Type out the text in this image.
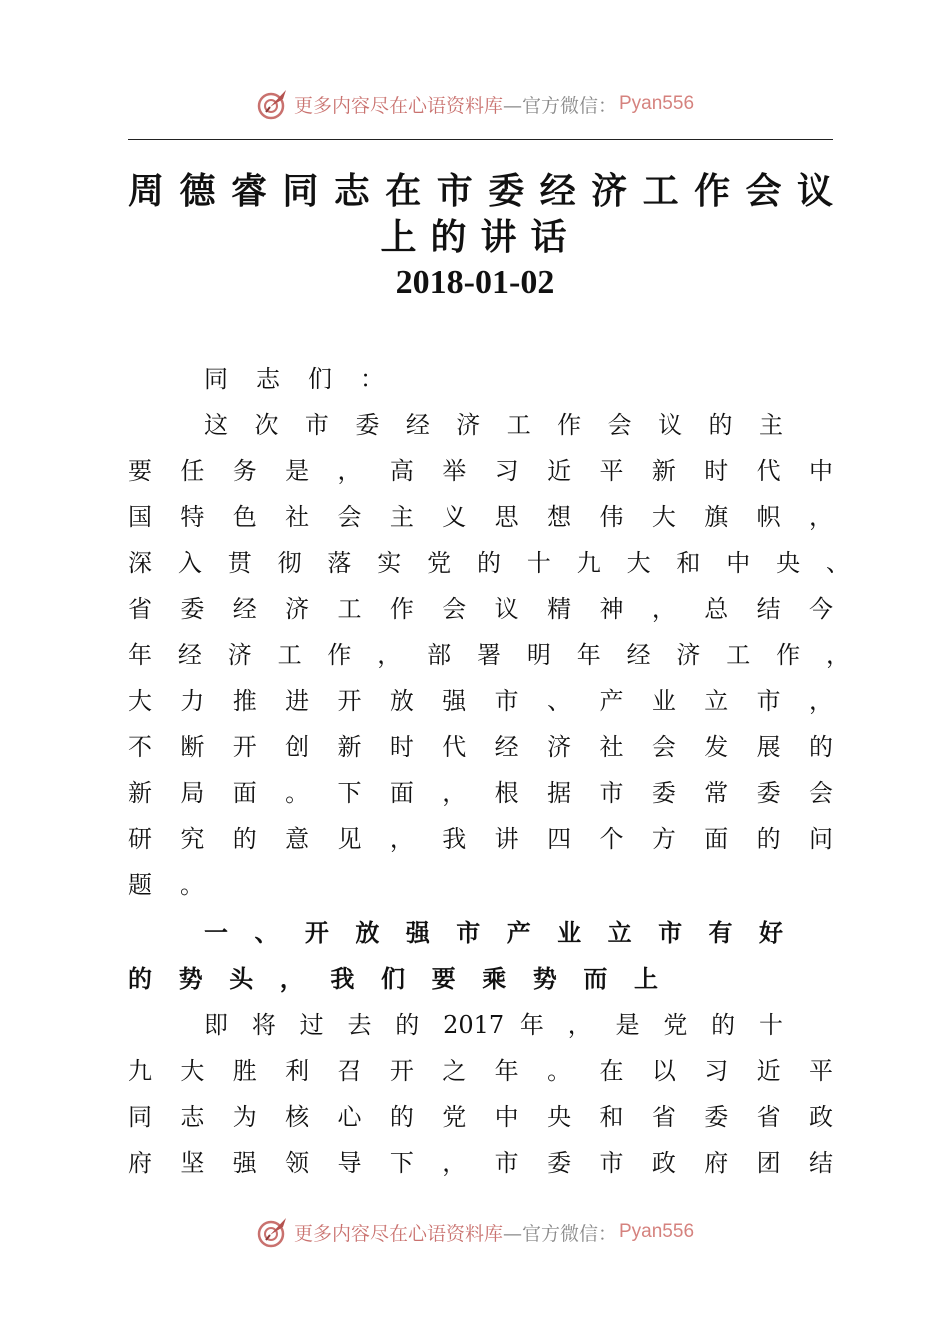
更多内容尽在心语资料库 —官方微信： Pyan556
周 德 睿 同 志 在 市 委 经 济 工 作 会 议
上的讲话
2018-01-02
同志们：
这 次 市 委 经 济 工 作 会 议 的 主
要 任 务 是 ， 高 举 习 近 平 新 时 代 中
国 特 色 社 会 主 义 思 想 伟 大 旗 帜 ，
深 入 贯 彻 落 实 党 的 十 九 大 和 中 央 、
省 委 经 济 工 作 会 议 精 神 ， 总 结 今
年 经 济 工 作 ， 部 署 明 年 经 济 工 作 ，
大 力 推 进 开 放 强 市 、 产 业 立 市 ，
不 断 开 创 新 时 代 经 济 社 会 发 展 的
新 局 面 。 下 面 ， 根 据 市 委 常 委 会
研 究 的 意 见 ， 我 讲 四 个 方 面 的 问
题。
一 、 开 放 强 市 产 业 立 市 有 好
的 势 头 ， 我 们 要 乘 势 而 上
即 将 过 去 的 2017 年 ， 是 党 的 十
九 大 胜 利 召 开 之 年 。 在 以 习 近 平
同 志 为 核 心 的 党 中 央 和 省 委 省 政
府 坚 强 领 导 下 ， 市 委 市 政 府 团 结
更多内容尽在心语资料库 —官方微信： Pyan556
